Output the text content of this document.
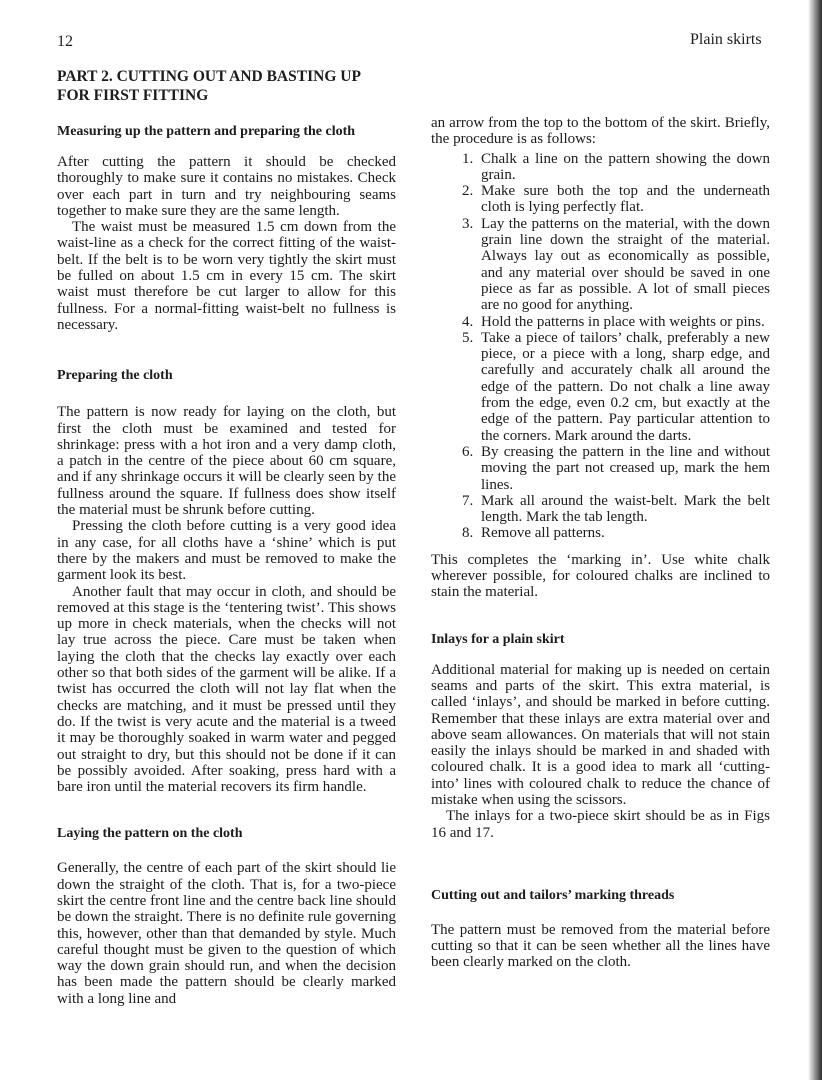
12	Plain skirts
PART 2. CUTTING OUT AND BASTING UP FOR FIRST FITTING
Measuring up the pattern and preparing the cloth

After cutting the pattern it should be checked thoroughly to make sure it contains no mistakes. Check over each part in turn and try neighbouring seams together to make sure they are the same length.

The waist must be measured 1.5 cm down from the waist-line as a check for the correct fitting of the waist-belt. If the belt is to be worn very tightly the skirt must be fulled on about 1.5 cm in every 15 cm. The skirt waist must therefore be cut larger to allow for this fullness. For a normal-fitting waist-belt no fullness is necessary.

Preparing the cloth

The pattern is now ready for laying on the cloth, but first the cloth must be examined and tested for shrinkage: press with a hot iron and a very damp cloth, a patch in the centre of the piece about 60 cm square, and if any shrinkage occurs it will be clearly seen by the fullness around the square. If fullness does show itself the material must be shrunk before cutting.

Pressing the cloth before cutting is a very good idea in any case, for all cloths have a ‘shine’ which is put there by the makers and must be removed to make the garment look its best.

Another fault that may occur in cloth, and should be removed at this stage is the ‘tentering twist’. This shows up more in check materials, when the checks will not lay true across the piece. Care must be taken when laying the cloth that the checks lay exactly over each other so that both sides of the garment will be alike. If a twist has occurred the cloth will not lay flat when the checks are matching, and it must be pressed until they do. If the twist is very acute and the material is a tweed it may be thoroughly soaked in warm water and pegged out straight to dry, but this should not be done if it can be possibly avoided. After soaking, press hard with a bare iron until the material recovers its firm handle.

Laying the pattern on the cloth

Generally, the centre of each part of the skirt should lie down the straight of the cloth. That is, for a two-piece skirt the centre front line and the centre back line should be down the straight. There is no definite rule governing this, however, other than that demanded by style. Much careful thought must be given to the question of which way the down grain should run, and when the decision has been made the pattern should be clearly marked with a long line and

an arrow from the top to the bottom of the skirt. Briefly, the procedure is as follows:

1. Chalk a line on the pattern showing the down grain.
2. Make sure both the top and the underneath cloth is lying perfectly flat.
3. Lay the patterns on the material, with the down grain line down the straight of the material. Always lay out as economically as possible, and any material over should be saved in one piece as far as possible. A lot of small pieces are no good for anything.
4. Hold the patterns in place with weights or pins.
5. Take a piece of tailors’ chalk, preferably a new piece, or a piece with a long, sharp edge, and carefully and accurately chalk all around the edge of the pattern. Do not chalk a line away from the edge, even 0.2 cm, but exactly at the edge of the pattern. Pay particular attention to the corners. Mark around the darts.
6. By creasing the pattern in the line and without moving the part not creased up, mark the hem lines.
7. Mark all around the waist-belt. Mark the belt length. Mark the tab length.
8. Remove all patterns.

This completes the ‘marking in’. Use white chalk wherever possible, for coloured chalks are inclined to stain the material.

Inlays for a plain skirt

Additional material for making up is needed on certain seams and parts of the skirt. This extra material, is called ‘inlays’, and should be marked in before cutting. Remember that these inlays are extra material over and above seam allowances. On materials that will not stain easily the inlays should be marked in and shaded with coloured chalk. It is a good idea to mark all ‘cutting-into’ lines with coloured chalk to reduce the chance of mistake when using the scissors.

The inlays for a two-piece skirt should be as in Figs 16 and 17.

Cutting out and tailors’ marking threads

The pattern must be removed from the material before cutting so that it can be seen whether all the lines have been clearly marked on the cloth.
